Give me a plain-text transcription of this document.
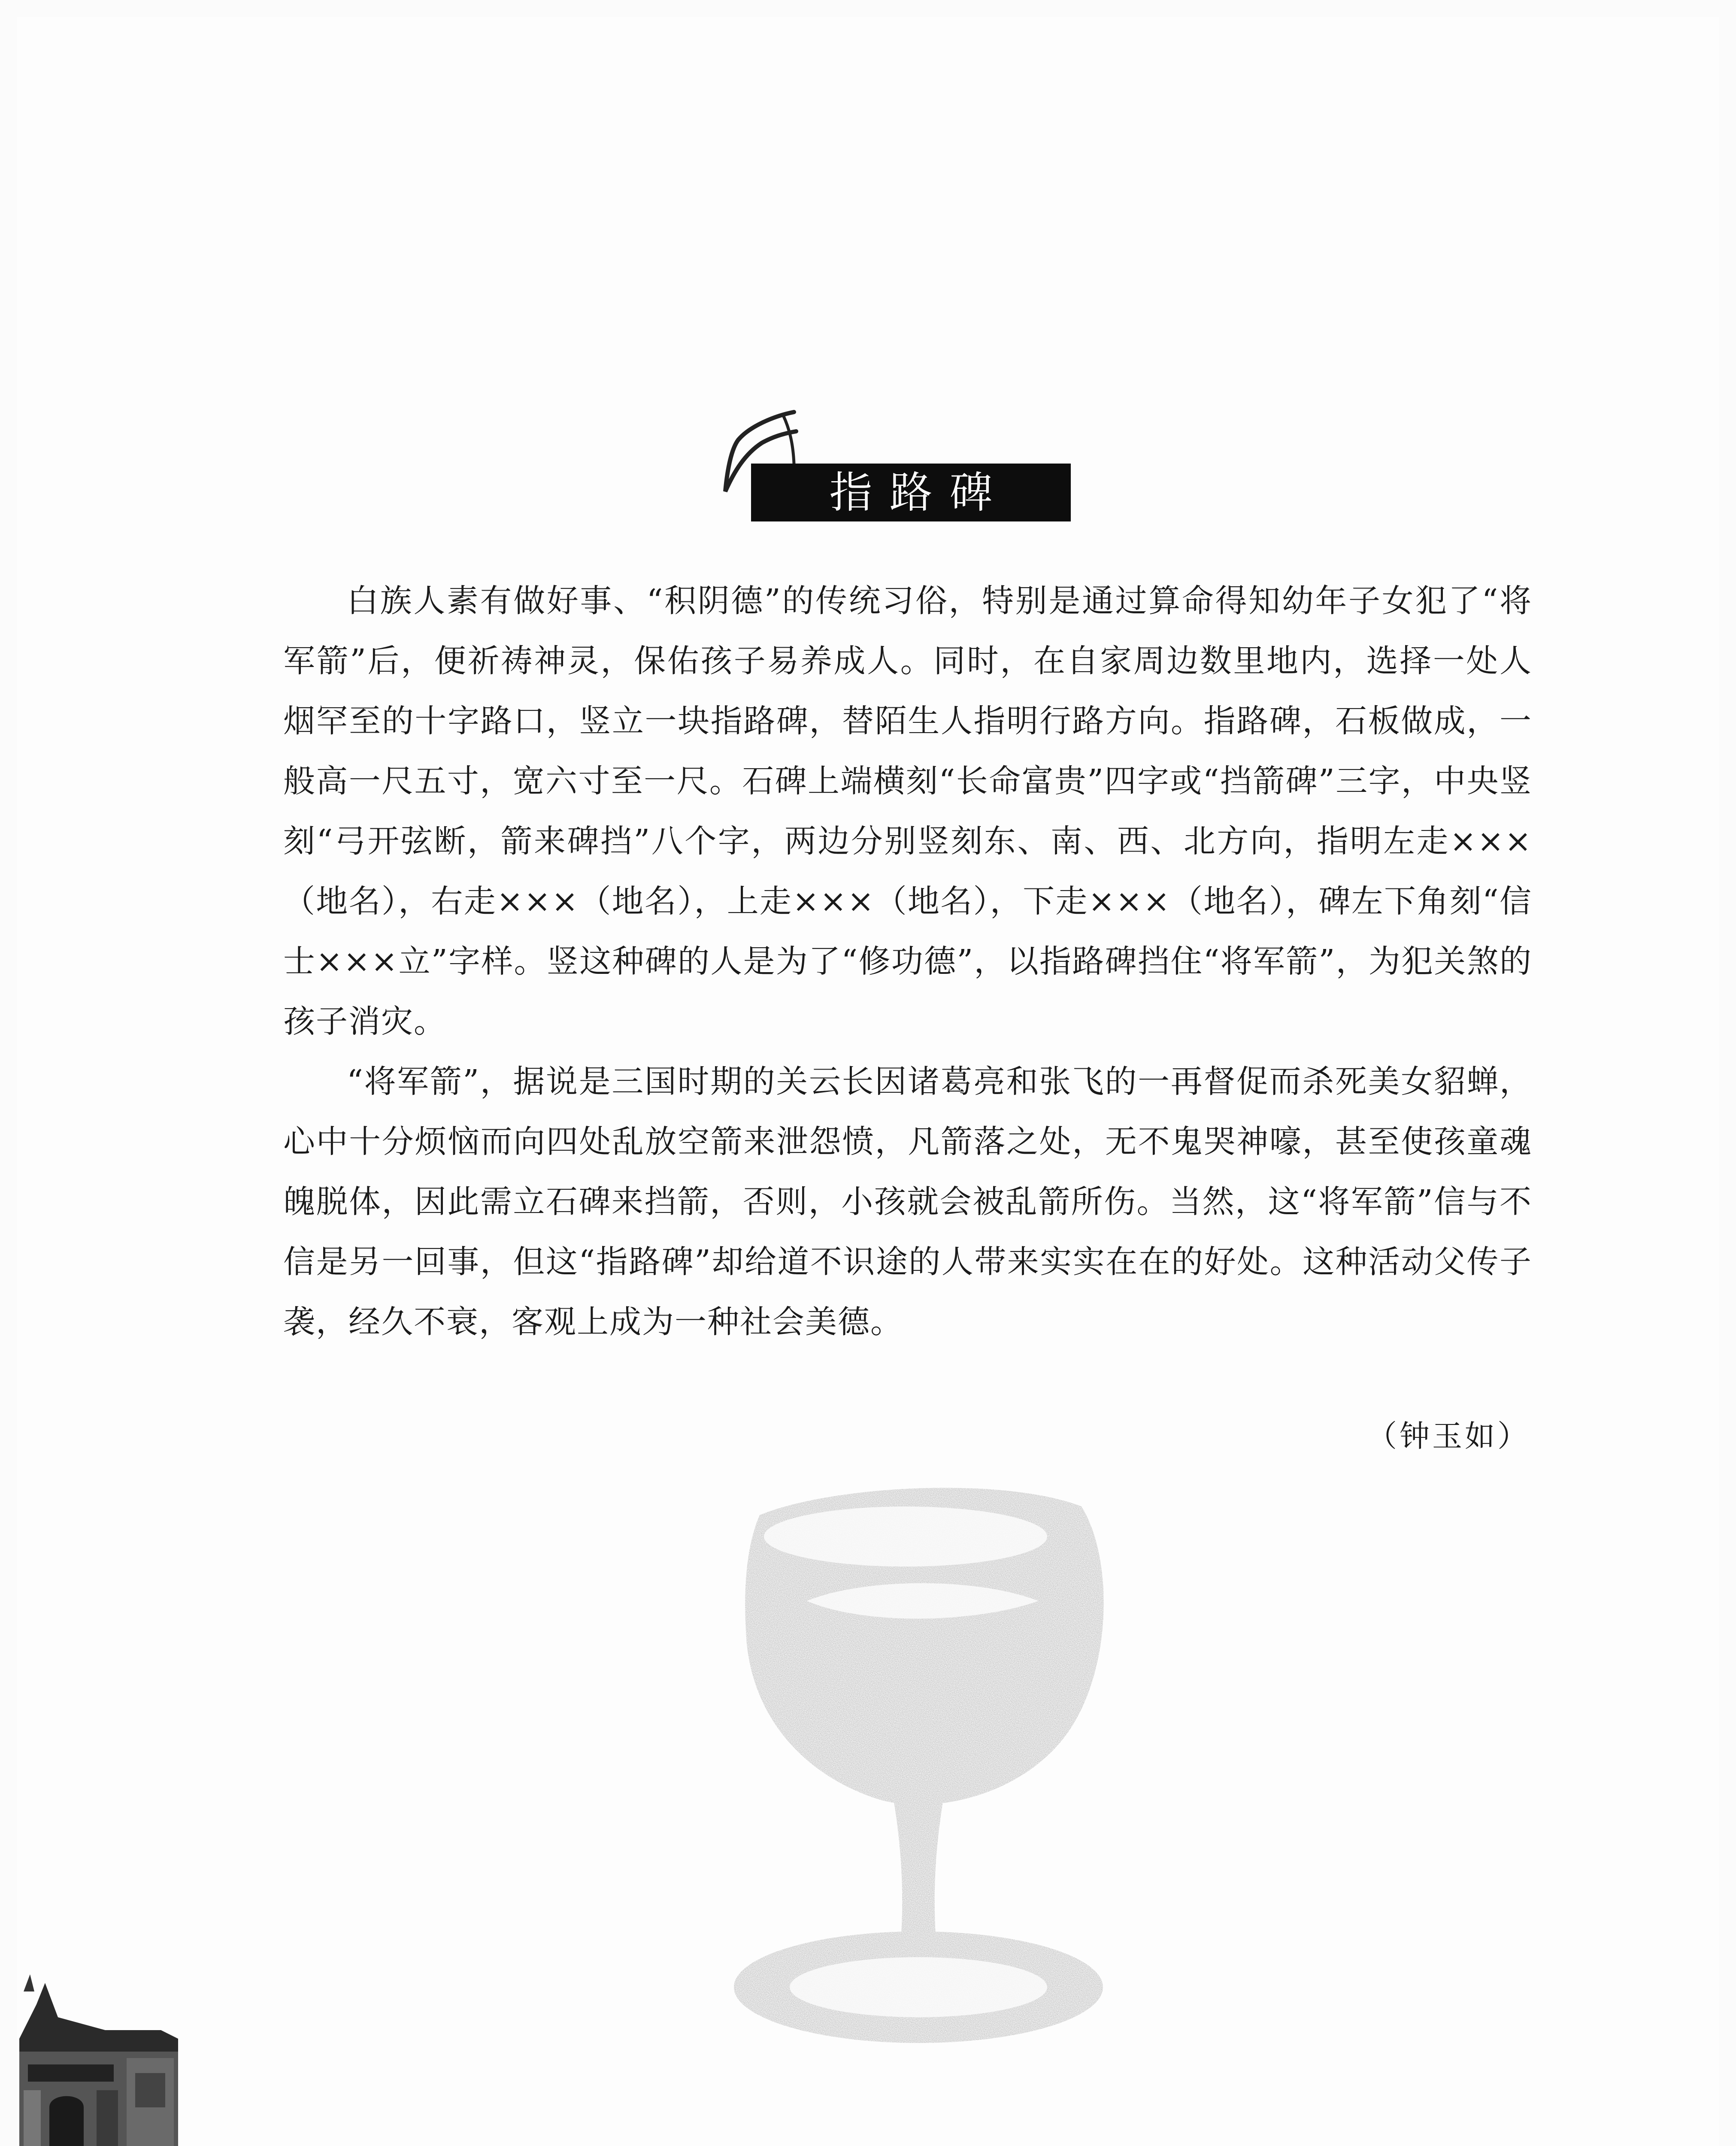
指路碑

白族人素有做好事、“积阴德”的传统习俗，特别是通过算命得知幼年子女犯了“将军箭”后，便祈祷神灵，保佑孩子易养成人。同时，在自家周边数里地内，选择一处人烟罕至的十字路口，竖立一块指路碑，替陌生人指明行路方向。指路碑，石板做成，一般高一尺五寸，宽六寸至一尺。石碑上端横刻“长命富贵”四字或“挡箭碑”三字，中央竖刻“弓开弦断，箭来碑挡”八个字，两边分别竖刻东、南、西、北方向，指明左走×××（地名），右走×××（地名），上走×××（地名），下走×××（地名），碑左下角刻“信士×××立”字样。竖这种碑的人是为了“修功德”，以指路碑挡住“将军箭”，为犯关煞的孩子消灾。

“将军箭”，据说是三国时期的关云长因诸葛亮和张飞的一再督促而杀死美女貂蝉，心中十分烦恼而向四处乱放空箭来泄怨愤，凡箭落之处，无不鬼哭神嚎，甚至使孩童魂魄脱体，因此需立石碑来挡箭，否则，小孩就会被乱箭所伤。当然，这“将军箭”信与不信是另一回事，但这“指路碑”却给道不识途的人带来实实在在的好处。这种活动父传子袭，经久不衰，客观上成为一种社会美德。

（钟玉如）
